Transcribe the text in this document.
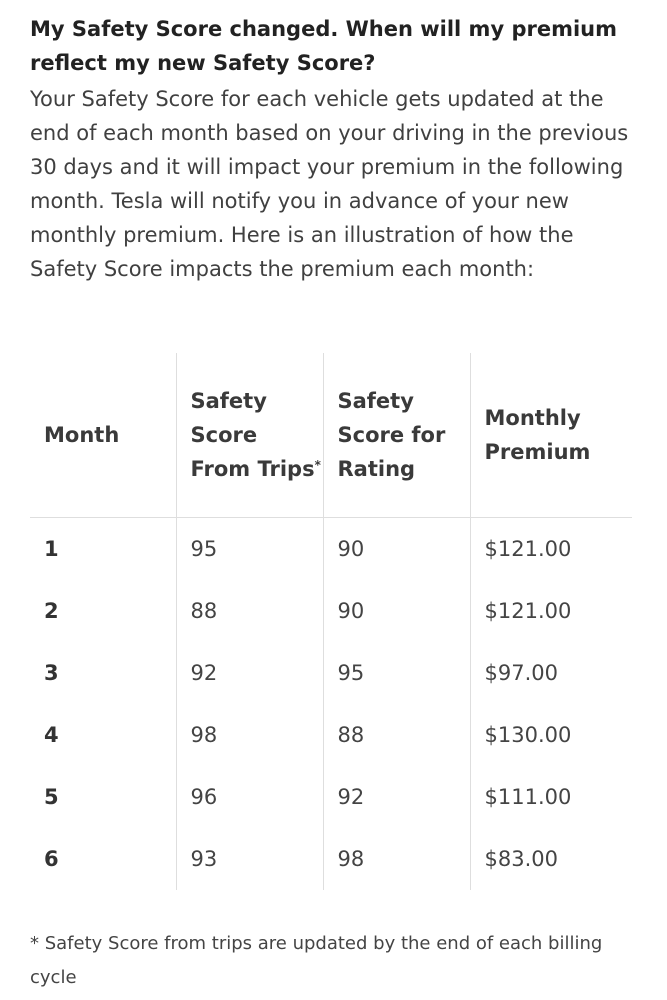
My Safety Score changed. When will my premium reflect my new Safety Score?

Your Safety Score for each vehicle gets updated at the end of each month based on your driving in the previous 30 days and it will impact your premium in the following month. Tesla will notify you in advance of your new monthly premium. Here is an illustration of how the Safety Score impacts the premium each month:

Month	Safety Score From Trips*	Safety Score for Rating	Monthly Premium
1	95	90	$121.00
2	88	90	$121.00
3	92	95	$97.00
4	98	88	$130.00
5	96	92	$111.00
6	93	98	$83.00

* Safety Score from trips are updated by the end of each billing cycle
